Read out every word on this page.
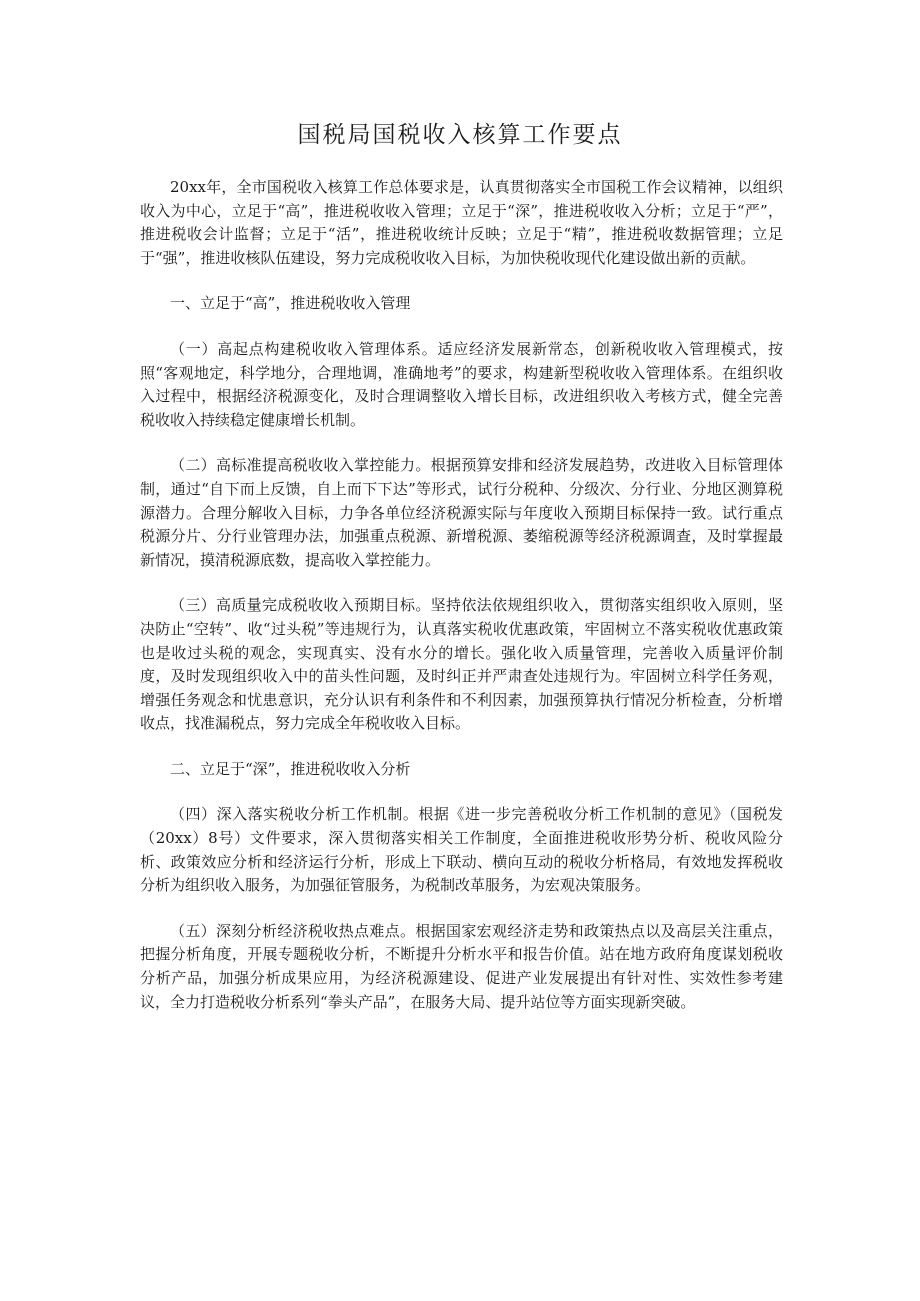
国税局国税收入核算工作要点

20xx年，全市国税收入核算工作总体要求是，认真贯彻落实全市国税工作会议精神，以组织收入为中心，立足于“高”，推进税收收入管理；立足于“深”，推进税收收入分析；立足于“严”，推进税收会计监督；立足于“活”，推进税收统计反映；立足于“精”，推进税收数据管理；立足于“强”，推进收核队伍建设，努力完成税收收入目标，为加快税收现代化建设做出新的贡献。

一、立足于“高”，推进税收收入管理

（一）高起点构建税收收入管理体系。适应经济发展新常态，创新税收收入管理模式，按照“客观地定，科学地分，合理地调，准确地考”的要求，构建新型税收收入管理体系。在组织收入过程中，根据经济税源变化，及时合理调整收入增长目标，改进组织收入考核方式，健全完善税收收入持续稳定健康增长机制。

（二）高标准提高税收收入掌控能力。根据预算安排和经济发展趋势，改进收入目标管理体制，通过“自下而上反馈，自上而下下达”等形式，试行分税种、分级次、分行业、分地区测算税源潜力。合理分解收入目标，力争各单位经济税源实际与年度收入预期目标保持一致。试行重点税源分片、分行业管理办法，加强重点税源、新增税源、萎缩税源等经济税源调查，及时掌握最新情况，摸清税源底数，提高收入掌控能力。

（三）高质量完成税收收入预期目标。坚持依法依规组织收入，贯彻落实组织收入原则，坚决防止“空转”、收“过头税”等违规行为，认真落实税收优惠政策，牢固树立不落实税收优惠政策也是收过头税的观念，实现真实、没有水分的增长。强化收入质量管理，完善收入质量评价制度，及时发现组织收入中的苗头性问题，及时纠正并严肃查处违规行为。牢固树立科学任务观，增强任务观念和忧患意识，充分认识有利条件和不利因素，加强预算执行情况分析检查，分析增收点，找准漏税点，努力完成全年税收收入目标。

二、立足于“深”，推进税收收入分析

（四）深入落实税收分析工作机制。根据《进一步完善税收分析工作机制的意见》（国税发（20xx）8号）文件要求，深入贯彻落实相关工作制度，全面推进税收形势分析、税收风险分析、政策效应分析和经济运行分析，形成上下联动、横向互动的税收分析格局，有效地发挥税收分析为组织收入服务，为加强征管服务，为税制改革服务，为宏观决策服务。

（五）深刻分析经济税收热点难点。根据国家宏观经济走势和政策热点以及高层关注重点，把握分析角度，开展专题税收分析，不断提升分析水平和报告价值。站在地方政府角度谋划税收分析产品，加强分析成果应用，为经济税源建设、促进产业发展提出有针对性、实效性参考建议，全力打造税收分析系列“拳头产品”，在服务大局、提升站位等方面实现新突破。
